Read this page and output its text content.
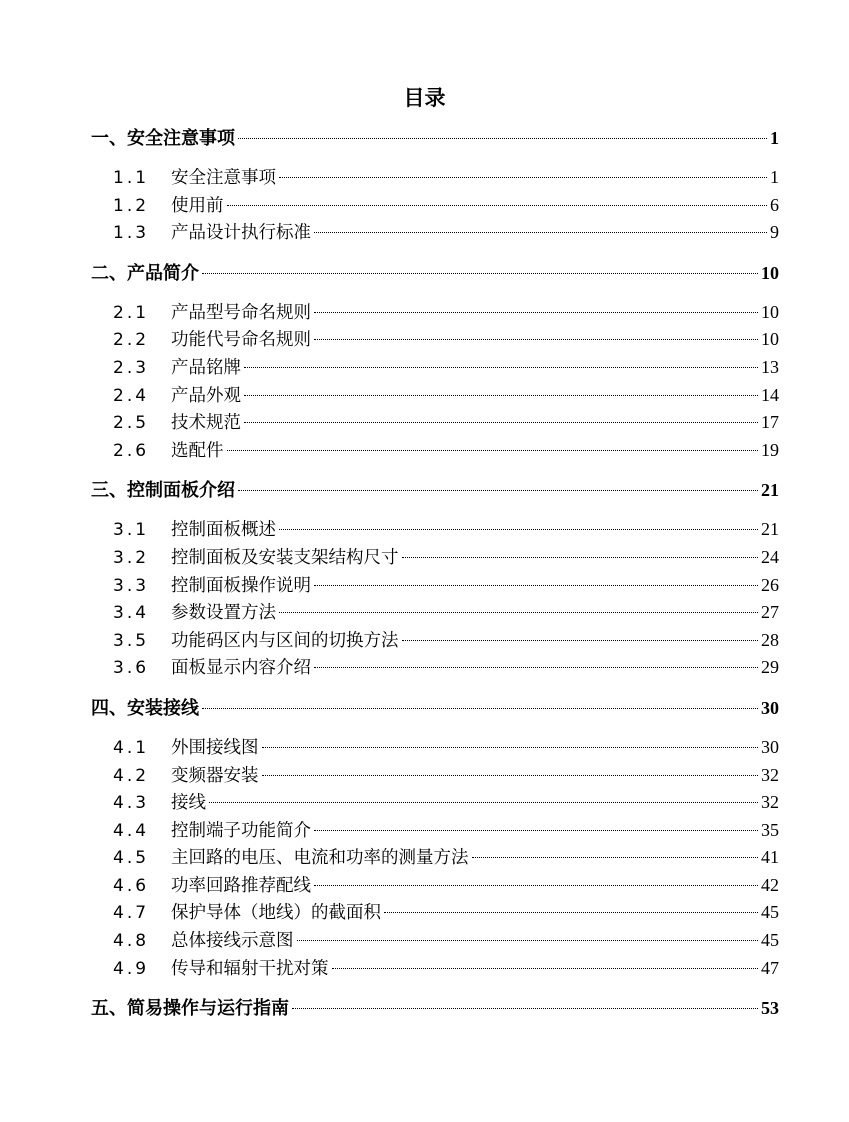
目录
一、安全注意事项	1
1.1	安全注意事项	1
1.2	使用前	6
1.3	产品设计执行标准	9
二、产品简介	10
2.1	产品型号命名规则	10
2.2	功能代号命名规则	10
2.3	产品铭牌	13
2.4	产品外观	14
2.5	技术规范	17
2.6	选配件	19
三、控制面板介绍	21
3.1	控制面板概述	21
3.2	控制面板及安装支架结构尺寸	24
3.3	控制面板操作说明	26
3.4	参数设置方法	27
3.5	功能码区内与区间的切换方法	28
3.6	面板显示内容介绍	29
四、安装接线	30
4.1	外围接线图	30
4.2	变频器安装	32
4.3	接线	32
4.4	控制端子功能简介	35
4.5	主回路的电压、电流和功率的测量方法	41
4.6	功率回路推荐配线	42
4.7	保护导体（地线）的截面积	45
4.8	总体接线示意图	45
4.9	传导和辐射干扰对策	47
五、简易操作与运行指南	53
